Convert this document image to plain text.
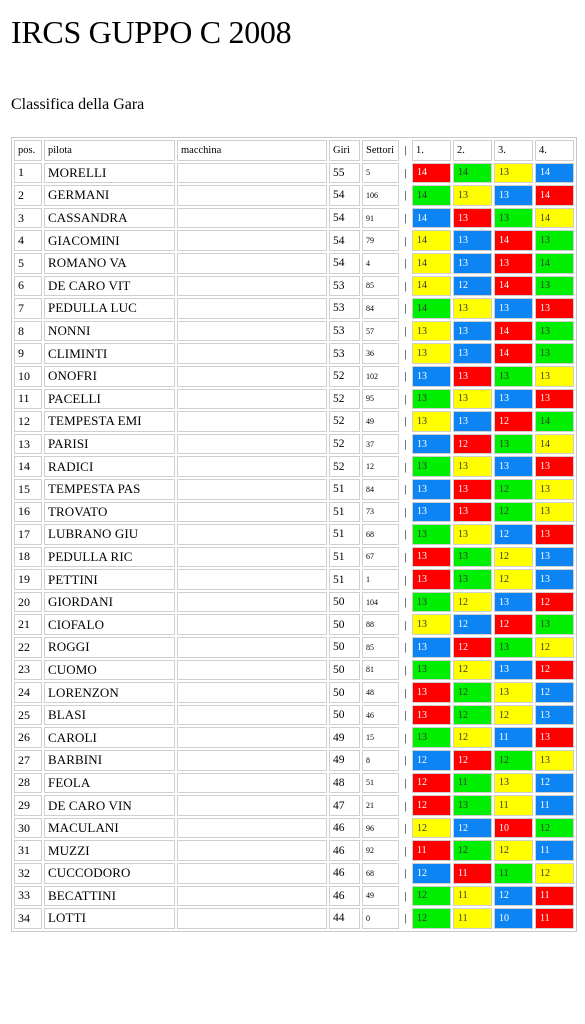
IRCS GUPPO C 2008
Classifica della Gara
pos.	pilota	macchina	Giri	Settori	|	1.	2.	3.	4.
1	MORELLI		55	5	|	14	14	13	14
2	GERMANI		54	106	|	14	13	13	14
3	CASSANDRA		54	91	|	14	13	13	14
4	GIACOMINI		54	79	|	14	13	14	13
5	ROMANO VA		54	4	|	14	13	13	14
6	DE CARO VIT		53	85	|	14	12	14	13
7	PEDULLA LUC		53	84	|	14	13	13	13
8	NONNI		53	57	|	13	13	14	13
9	CLIMINTI		53	36	|	13	13	14	13
10	ONOFRI		52	102	|	13	13	13	13
11	PACELLI		52	95	|	13	13	13	13
12	TEMPESTA EMI		52	49	|	13	13	12	14
13	PARISI		52	37	|	13	12	13	14
14	RADICI		52	12	|	13	13	13	13
15	TEMPESTA PAS		51	84	|	13	13	12	13
16	TROVATO		51	73	|	13	13	12	13
17	LUBRANO GIU		51	68	|	13	13	12	13
18	PEDULLA RIC		51	67	|	13	13	12	13
19	PETTINI		51	1	|	13	13	12	13
20	GIORDANI		50	104	|	13	12	13	12
21	CIOFALO		50	88	|	13	12	12	13
22	ROGGI		50	85	|	13	12	13	12
23	CUOMO		50	81	|	13	12	13	12
24	LORENZON		50	48	|	13	12	13	12
25	BLASI		50	46	|	13	12	12	13
26	CAROLI		49	15	|	13	12	11	13
27	BARBINI		49	8	|	12	12	12	13
28	FEOLA		48	51	|	12	11	13	12
29	DE CARO VIN		47	21	|	12	13	11	11
30	MACULANI		46	96	|	12	12	10	12
31	MUZZI		46	92	|	11	12	12	11
32	CUCCODORO		46	68	|	12	11	11	12
33	BECATTINI		46	49	|	12	11	12	11
34	LOTTI		44	0	|	12	11	10	11
